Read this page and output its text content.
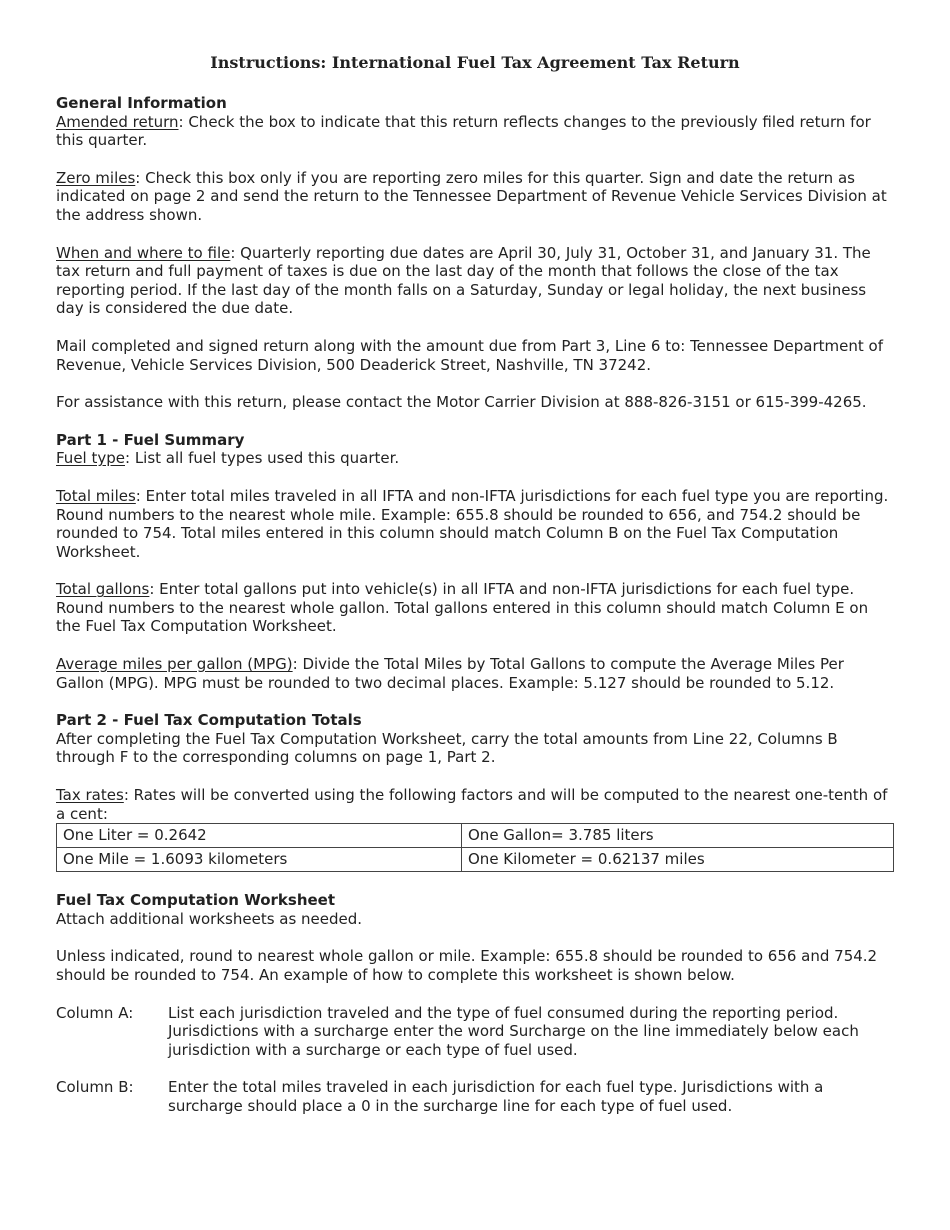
Instructions: International Fuel Tax Agreement Tax Return

General Information

Amended return: Check the box to indicate that this return reflects changes to the previously filed return for this quarter.

Zero miles: Check this box only if you are reporting zero miles for this quarter. Sign and date the return as indicated on page 2 and send the return to the Tennessee Department of Revenue Vehicle Services Division at the address shown.

When and where to file: Quarterly reporting due dates are April 30, July 31, October 31, and January 31. The tax return and full payment of taxes is due on the last day of the month that follows the close of the tax reporting period. If the last day of the month falls on a Saturday, Sunday or legal holiday, the next business day is considered the due date.

Mail completed and signed return along with the amount due from Part 3, Line 6 to: Tennessee Department of Revenue, Vehicle Services Division, 500 Deaderick Street, Nashville, TN 37242.

For assistance with this return, please contact the Motor Carrier Division at 888-826-3151 or 615-399-4265.

Part 1 - Fuel Summary

Fuel type: List all fuel types used this quarter.

Total miles: Enter total miles traveled in all IFTA and non-IFTA jurisdictions for each fuel type you are reporting. Round numbers to the nearest whole mile. Example: 655.8 should be rounded to 656, and 754.2 should be rounded to 754. Total miles entered in this column should match Column B on the Fuel Tax Computation Worksheet.

Total gallons: Enter total gallons put into vehicle(s) in all IFTA and non-IFTA jurisdictions for each fuel type. Round numbers to the nearest whole gallon. Total gallons entered in this column should match Column E on the Fuel Tax Computation Worksheet.

Average miles per gallon (MPG): Divide the Total Miles by Total Gallons to compute the Average Miles Per Gallon (MPG). MPG must be rounded to two decimal places. Example: 5.127 should be rounded to 5.12.

Part 2 - Fuel Tax Computation Totals

After completing the Fuel Tax Computation Worksheet, carry the total amounts from Line 22, Columns B through F to the corresponding columns on page 1, Part 2.

Tax rates: Rates will be converted using the following factors and will be computed to the nearest one-tenth of a cent:

One Liter = 0.2642	One Gallon= 3.785 liters
One Mile = 1.6093 kilometers	One Kilometer = 0.62137 miles

Fuel Tax Computation Worksheet

Attach additional worksheets as needed.

Unless indicated, round to nearest whole gallon or mile. Example: 655.8 should be rounded to 656 and 754.2 should be rounded to 754. An example of how to complete this worksheet is shown below.

Column A:	List each jurisdiction traveled and the type of fuel consumed during the reporting period. Jurisdictions with a surcharge enter the word Surcharge on the line immediately below each jurisdiction with a surcharge or each type of fuel used.
Column B:	Enter the total miles traveled in each jurisdiction for each fuel type. Jurisdictions with a surcharge should place a 0 in the surcharge line for each type of fuel used.
